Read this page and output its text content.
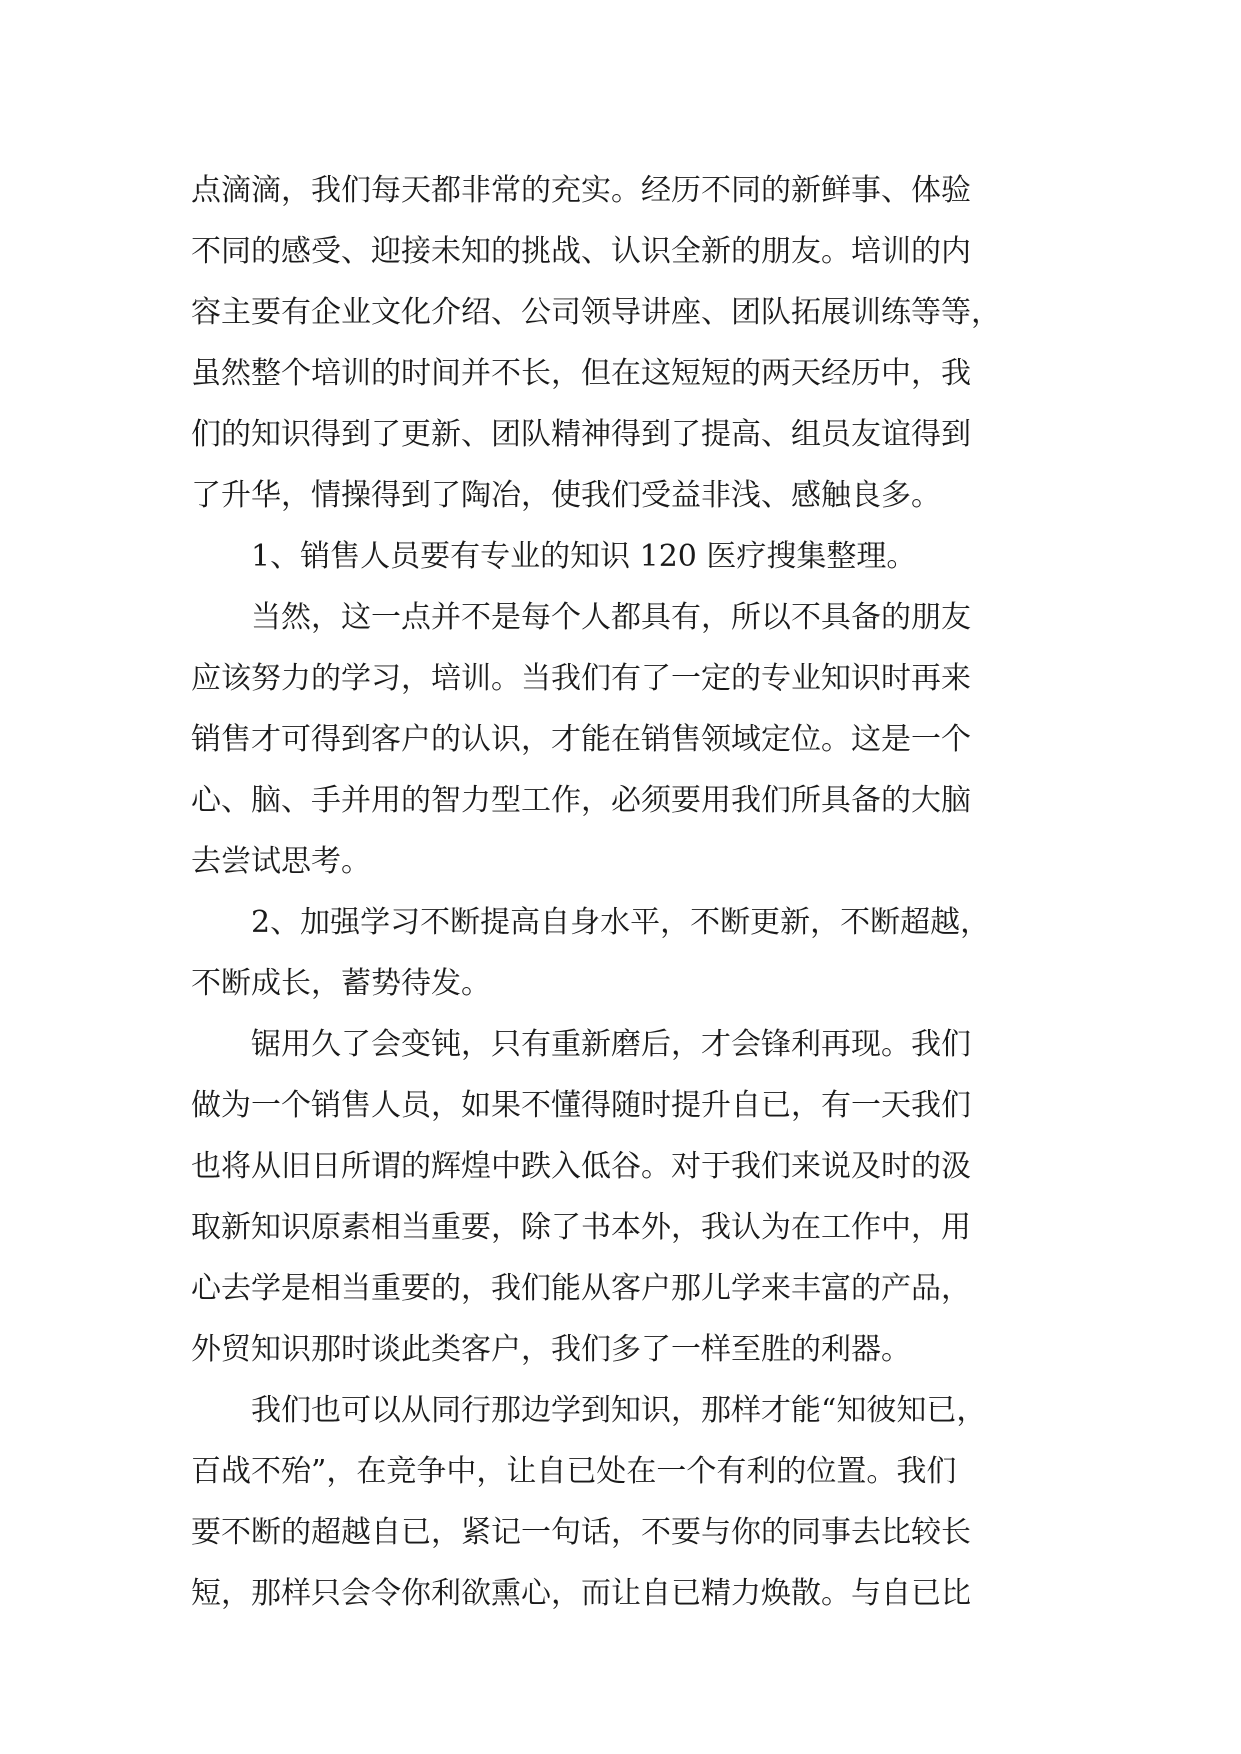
点滴滴，我们每天都非常的充实。经历不同的新鲜事、体验
不同的感受、迎接未知的挑战、认识全新的朋友。培训的内
容主要有企业文化介绍、公司领导讲座、团队拓展训练等等，
虽然整个培训的时间并不长，但在这短短的两天经历中，我
们的知识得到了更新、团队精神得到了提高、组员友谊得到
了升华，情操得到了陶冶，使我们受益非浅、感触良多。
1、销售人员要有专业的知识 120 医疗搜集整理。
当然，这一点并不是每个人都具有，所以不具备的朋友
应该努力的学习，培训。当我们有了一定的专业知识时再来
销售才可得到客户的认识，才能在销售领域定位。这是一个
心、脑、手并用的智力型工作，必须要用我们所具备的大脑
去尝试思考。
2、加强学习不断提高自身水平，不断更新，不断超越，
不断成长，蓄势待发。
锯用久了会变钝，只有重新磨后，才会锋利再现。我们
做为一个销售人员，如果不懂得随时提升自已，有一天我们
也将从旧日所谓的辉煌中跌入低谷。对于我们来说及时的汲
取新知识原素相当重要，除了书本外，我认为在工作中，用
心去学是相当重要的，我们能从客户那儿学来丰富的产品，
外贸知识那时谈此类客户，我们多了一样至胜的利器。
我们也可以从同行那边学到知识，那样才能“知彼知已，
百战不殆”，在竞争中，让自已处在一个有利的位置。我们
要不断的超越自已，紧记一句话，不要与你的同事去比较长
短，那样只会令你利欲熏心，而让自已精力焕散。与自已比
